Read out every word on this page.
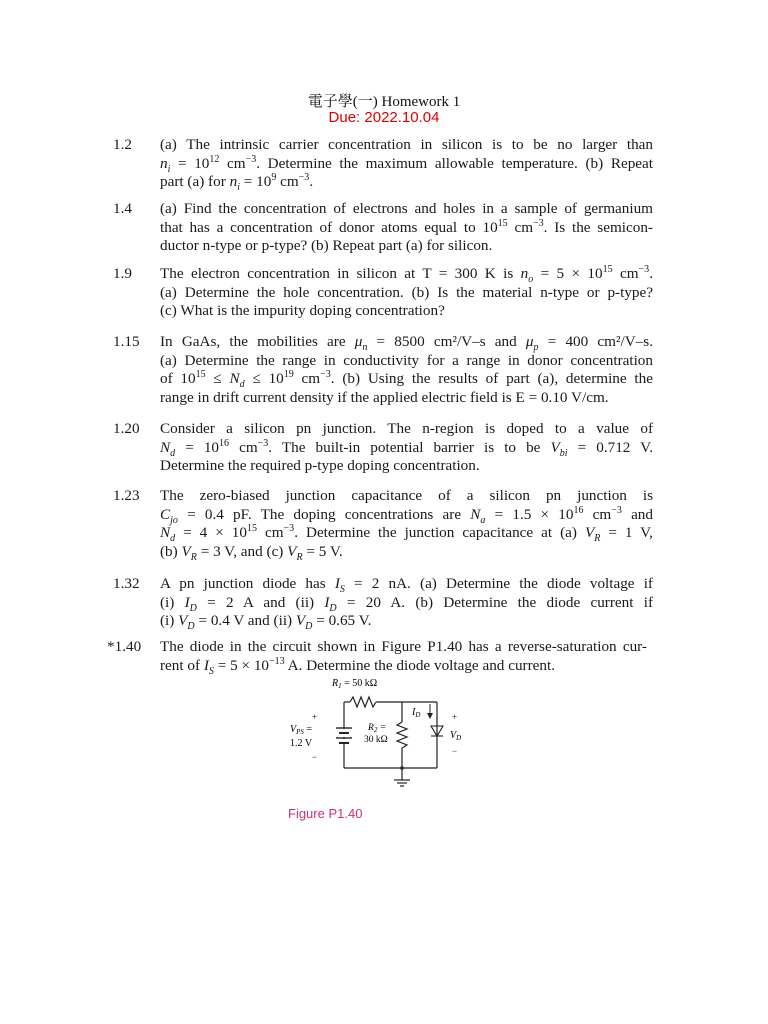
電子學(一) Homework 1
Due: 2022.10.04
1.2 (a) The intrinsic carrier concentration in silicon is to be no larger than
$n_i = 10^{12}$ $cm^{-3}$. Determine the maximum allowable temperature. (b) Repeat
part (a) for $n_i = 10^9$ $cm^{-3}$.
1.4 (a) Find the concentration of electrons and holes in a sample of germanium
that has a concentration of donor atoms equal to $10^{15}$ $cm^{-3}$. Is the semicon-
ductor n-type or p-type? (b) Repeat part (a) for silicon.
1.9 The electron concentration in silicon at T = 300 K is $n_o = 5 \times 10^{15}$ $cm^{-3}$.
(a) Determine the hole concentration. (b) Is the material n-type or p-type?
(c) What is the impurity doping concentration?
1.15 In GaAs, the mobilities are $\mu_n = 8500$ cm²/V–s and $\mu_p = 400$ cm²/V–s.
(a) Determine the range in conductivity for a range in donor concentration
of $10^{15} \le N_d \le 10^{19}$ $cm^{-3}$. (b) Using the results of part (a), determine the
range in drift current density if the applied electric field is E = 0.10 V/cm.
1.20 Consider a silicon pn junction. The n-region is doped to a value of
$N_d = 10^{16}$ $cm^{-3}$. The built-in potential barrier is to be $V_{bi} = 0.712$ V.
Determine the required p-type doping concentration.
1.23 The zero-biased junction capacitance of a silicon pn junction is
$C_{jo} = 0.4$ pF. The doping concentrations are $N_a = 1.5 \times 10^{16}$ $cm^{-3}$ and
$N_d = 4 \times 10^{15}$ $cm^{-3}$. Determine the junction capacitance at (a) $V_R = 1$ V,
(b) $V_R = 3$ V, and (c) $V_R = 5$ V.
1.32 A pn junction diode has $I_S = 2$ nA. (a) Determine the diode voltage if
(i) $I_D = 2$ A and (ii) $I_D = 20$ A. (b) Determine the diode current if
(i) $V_D = 0.4$ V and (ii) $V_D = 0.65$ V.
*1.40 The diode in the circuit shown in Figure P1.40 has a reverse-saturation cur-
rent of $I_S = 5 \times 10^{-13}$ A. Determine the diode voltage and current.
$R_1 = 50$ kΩ
$I_D$	+
$V_D$
−
$R_2$ =
30 kΩ
+
$V_{PS}$ =
1.2 V
−
Figure P1.40
